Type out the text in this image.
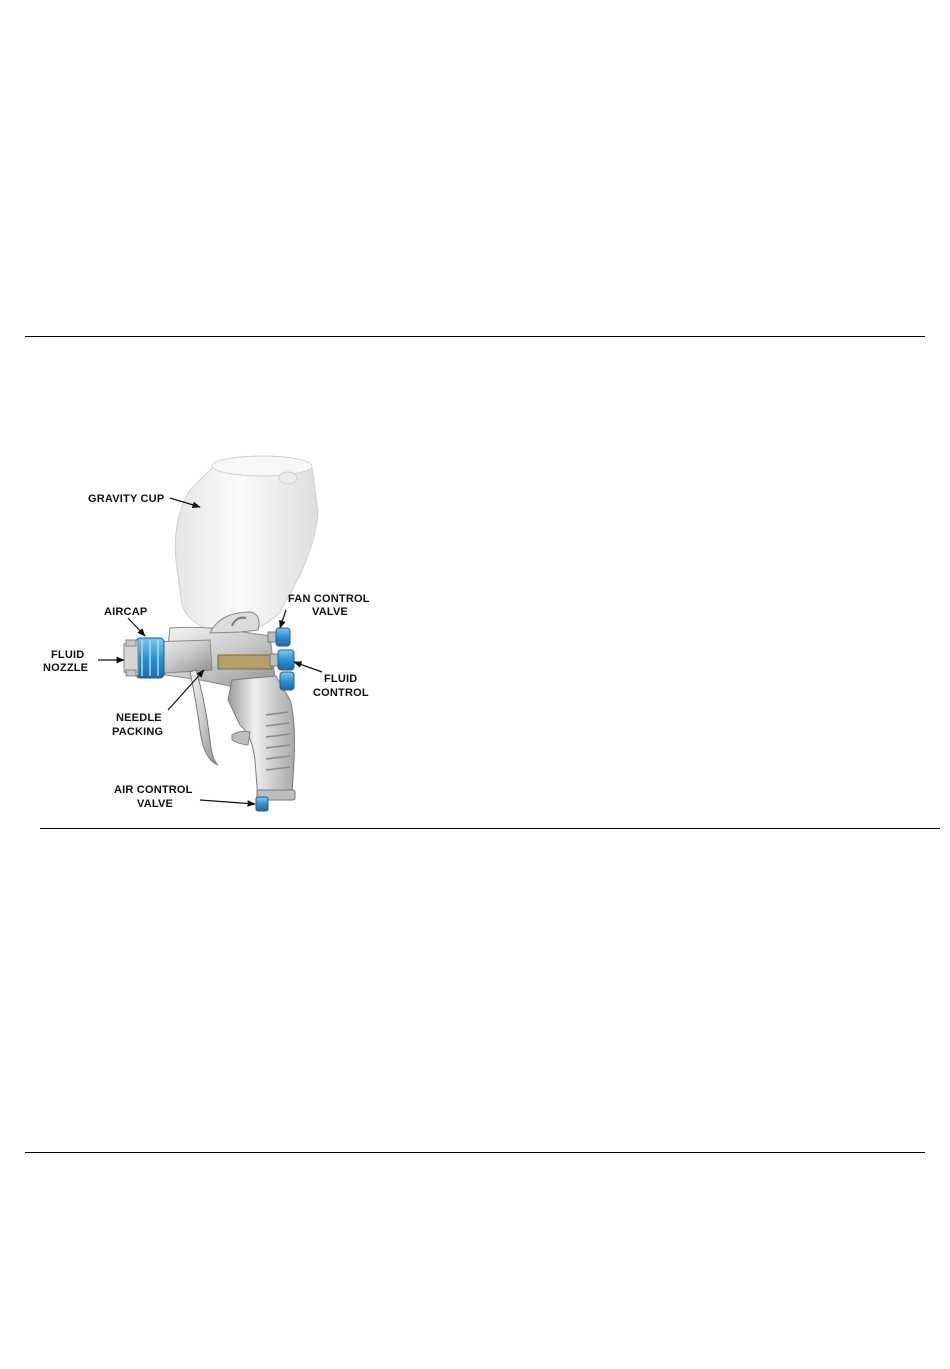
GRAVITY CUP
AIRCAP
FLUID
NOZZLE
NEEDLE
PACKING
FAN CONTROL
VALVE
FLUID
CONTROL
AIR CONTROL
VALVE
